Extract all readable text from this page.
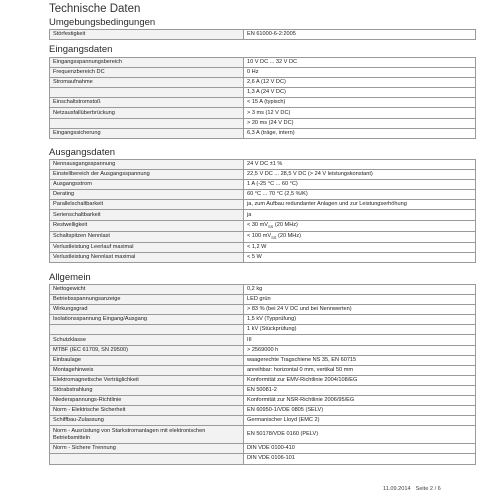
Technische Daten
Umgebungsbedingungen
Störfestigkeit	EN 61000-6-2:2005
Eingangsdaten
Eingangsspannungsbereich	10 V DC ... 32 V DC
Frequenzbereich DC	0 Hz
Stromaufnahme	2,6 A (12 V DC)
	1,3 A (24 V DC)
Einschaltstromstoß	< 15 A (typisch)
Netzausfallüberbrückung	> 3 ms (12 V DC)
	> 20 ms (24 V DC)
Eingangssicherung	6,3 A (träge, intern)
Ausgangsdaten
Nennausgangsspannung	24 V DC ±1 %
Einstellbereich der Ausgangsspannung	22,5 V DC ... 28,5 V DC (> 24 V leistungskonstant)
Ausgangsstrom	1 A (-25 °C ... 60 °C)
Derating	60 °C ... 70 °C (2,5 %/K)
Parallelschaltbarkeit	ja, zum Aufbau redundanter Anlagen und zur Leistungserhöhung
Serienschaltbarkeit	ja
Restwelligkeit	< 30 $mV_{SS}$ (20 MHz)
Schaltspitzen Nennlast	< 100 $mV_{SS}$ (20 MHz)
Verlustleistung Leerlauf maximal	< 1,2 W
Verlustleistung Nennlast maximal	< 5 W
Allgemein
Nettogewicht	0,2 kg
Betriebsspannungsanzeige	LED grün
Wirkungsgrad	> 83 % (bei 24 V DC und bei Nennwerten)
Isolationsspannung Eingang/Ausgang	1,5 kV (Typprüfung)
	1 kV (Stückprüfung)
Schutzklasse	III
MTBF (IEC 61709, SN 29500)	> 2569000 h
Einbaulage	waagerechte Tragschiene NS 35, EN 60715
Montagehinweis	anreihbar: horizontal 0 mm, vertikal 50 mm
Elektromagnetische Verträglichkeit	Konformität zur EMV-Richtlinie 2004/108/EG
Störabstrahlung	EN 50081-2
Niederspannungs-Richtlinie	Konformität zur NSR-Richtlinie 2006/95/EG
Norm - Elektrische Sicherheit	EN 60950-1/VDE 0805 (SELV)
Schiffbau-Zulassung	Germanischer Lloyd (EMC 2)
Norm - Ausrüstung von Starkstromanlagen mit elektronischen Betriebsmitteln	EN 50178/VDE 0160 (PELV)
Norm - Sichere Trennung	DIN VDE 0100-410
	DIN VDE 0106-101
11.09.2014 Seite 2 / 6
